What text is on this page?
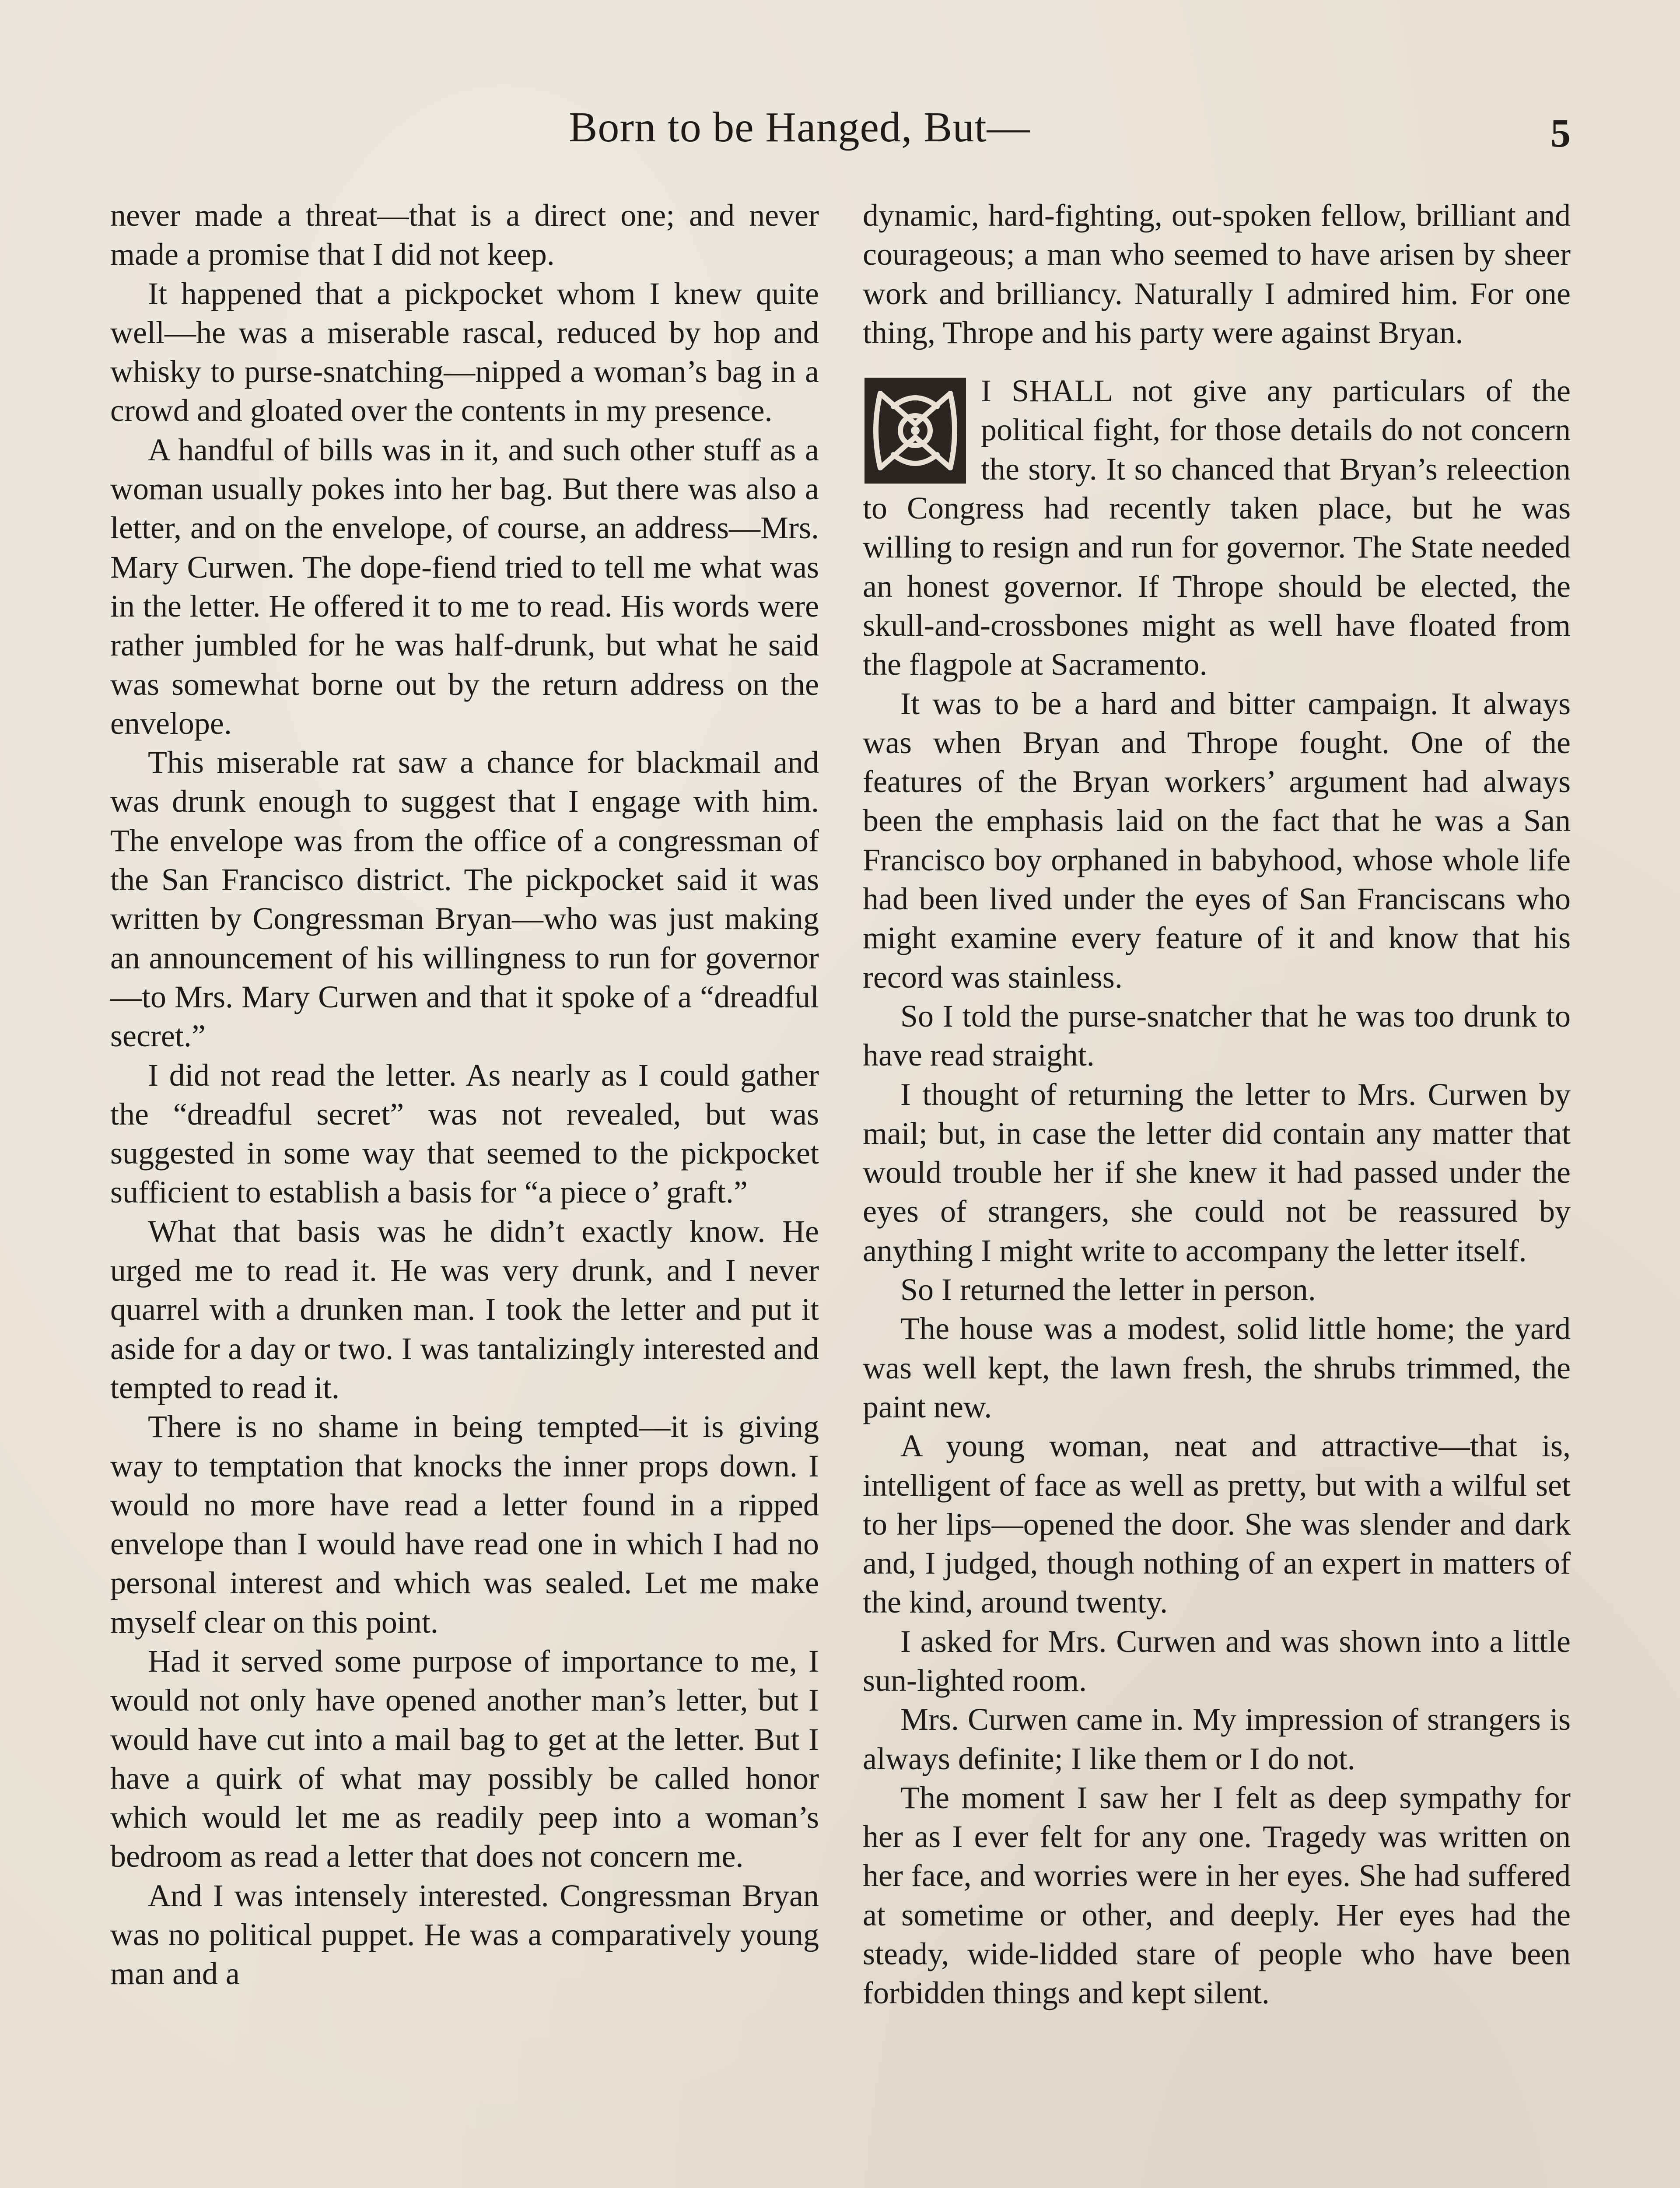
Born to be Hanged, But—	5

never made a threat—that is a direct one; and never made a promise that I did not keep.

It happened that a pickpocket whom I knew quite well—he was a miserable rascal, reduced by hop and whisky to purse-snatching—nipped a woman’s bag in a crowd and gloated over the contents in my presence.

A handful of bills was in it, and such other stuff as a woman usually pokes into her bag. But there was also a letter, and on the envelope, of course, an address—Mrs. Mary Curwen. The dope-fiend tried to tell me what was in the letter. He offered it to me to read. His words were rather jumbled for he was half-drunk, but what he said was somewhat borne out by the return address on the envelope.

This miserable rat saw a chance for blackmail and was drunk enough to suggest that I engage with him. The envelope was from the office of a congressman of the San Francisco district. The pickpocket said it was written by Congressman Bryan—who was just making an announcement of his willingness to run for governor—to Mrs. Mary Curwen and that it spoke of a “dreadful secret.”

I did not read the letter. As nearly as I could gather the “dreadful secret” was not revealed, but was suggested in some way that seemed to the pickpocket sufficient to establish a basis for “a piece o’ graft.”

What that basis was he didn’t exactly know. He urged me to read it. He was very drunk, and I never quarrel with a drunken man. I took the letter and put it aside for a day or two. I was tantalizingly interested and tempted to read it.

There is no shame in being tempted—it is giving way to temptation that knocks the inner props down. I would no more have read a letter found in a ripped envelope than I would have read one in which I had no personal interest and which was sealed. Let me make myself clear on this point.

Had it served some purpose of importance to me, I would not only have opened another man’s letter, but I would have cut into a mail bag to get at the letter. But I have a quirk of what may possibly be called honor which would let me as readily peep into a woman’s bedroom as read a letter that does not concern me.

And I was intensely interested. Congressman Bryan was no political puppet. He was a comparatively young man and a

dynamic, hard-fighting, out-spoken fellow, brilliant and courageous; a man who seemed to have arisen by sheer work and brilliancy. Naturally I admired him. For one thing, Thrope and his party were against Bryan.

I SHALL not give any particulars of the political fight, for those details do not concern the story. It so chanced that Bryan’s releection to Congress had recently taken place, but he was willing to resign and run for governor. The State needed an honest governor. If Thrope should be elected, the skull-and-crossbones might as well have floated from the flagpole at Sacramento.

It was to be a hard and bitter campaign. It always was when Bryan and Thrope fought. One of the features of the Bryan workers’ argument had always been the emphasis laid on the fact that he was a San Francisco boy orphaned in babyhood, whose whole life had been lived under the eyes of San Franciscans who might examine every feature of it and know that his record was stainless.

So I told the purse-snatcher that he was too drunk to have read straight.

I thought of returning the letter to Mrs. Curwen by mail; but, in case the letter did contain any matter that would trouble her if she knew it had passed under the eyes of strangers, she could not be reassured by anything I might write to accompany the letter itself.

So I returned the letter in person.

The house was a modest, solid little home; the yard was well kept, the lawn fresh, the shrubs trimmed, the paint new.

A young woman, neat and attractive—that is, intelligent of face as well as pretty, but with a wilful set to her lips—opened the door. She was slender and dark and, I judged, though nothing of an expert in matters of the kind, around twenty.

I asked for Mrs. Curwen and was shown into a little sun-lighted room.

Mrs. Curwen came in. My impression of strangers is always definite; I like them or I do not.

The moment I saw her I felt as deep sympathy for her as I ever felt for any one. Tragedy was written on her face, and worries were in her eyes. She had suffered at sometime or other, and deeply. Her eyes had the steady, wide-lidded stare of people who have been forbidden things and kept silent.
